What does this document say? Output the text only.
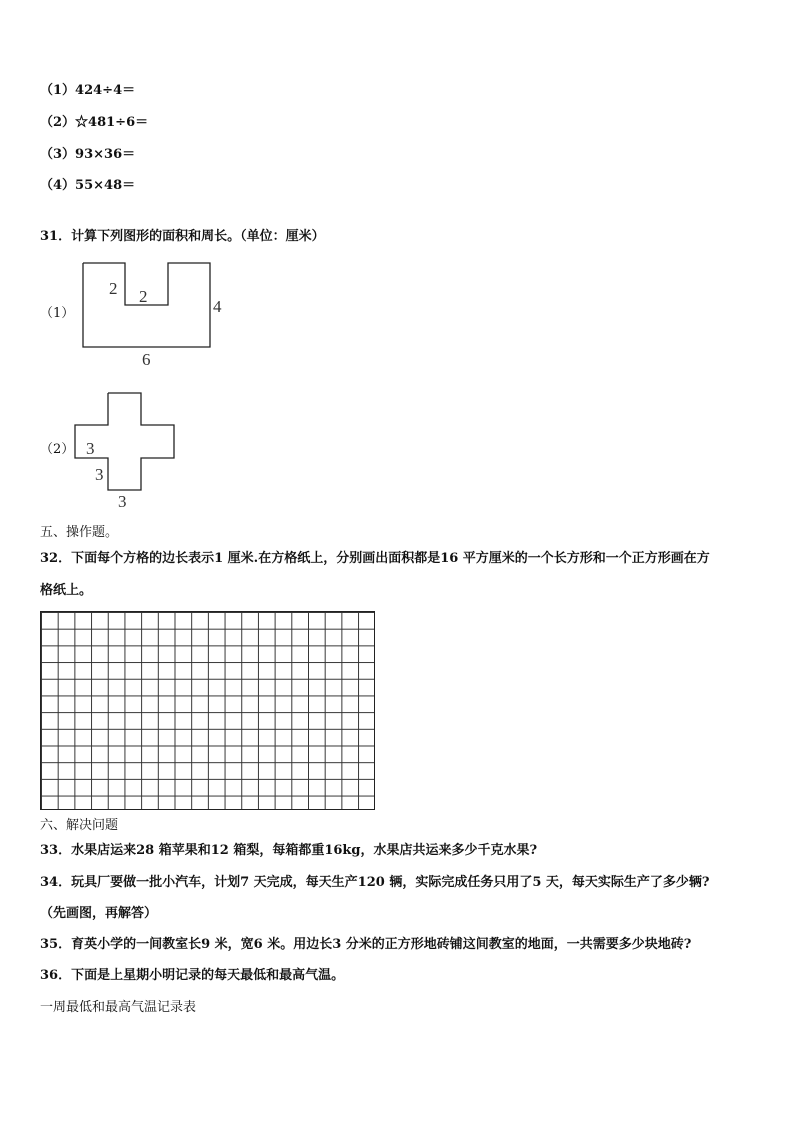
（1）424÷4＝
（2）☆481÷6＝
（3）93×36＝
（4）55×48＝
31．计算下列图形的面积和周长。（单位：厘米）
（1）
2 2
4
6
（2） 3
3
3
五、操作题。
32．下面每个方格的边长表示1 厘米.在方格纸上，分别画出面积都是16 平方厘米的一个长方形和一个正方形画在方
格纸上。
六、解决问题
33．水果店运来28 箱苹果和12 箱梨，每箱都重16kg，水果店共运来多少千克水果?
34．玩具厂要做一批小汽车，计划7 天完成，每天生产120 辆，实际完成任务只用了5 天，每天实际生产了多少辆?
（先画图，再解答）
35．育英小学的一间教室长9 米，宽6 米。用边长3 分米的正方形地砖铺这间教室的地面，一共需要多少块地砖?
36．下面是上星期小明记录的每天最低和最高气温。
一周最低和最高气温记录表
